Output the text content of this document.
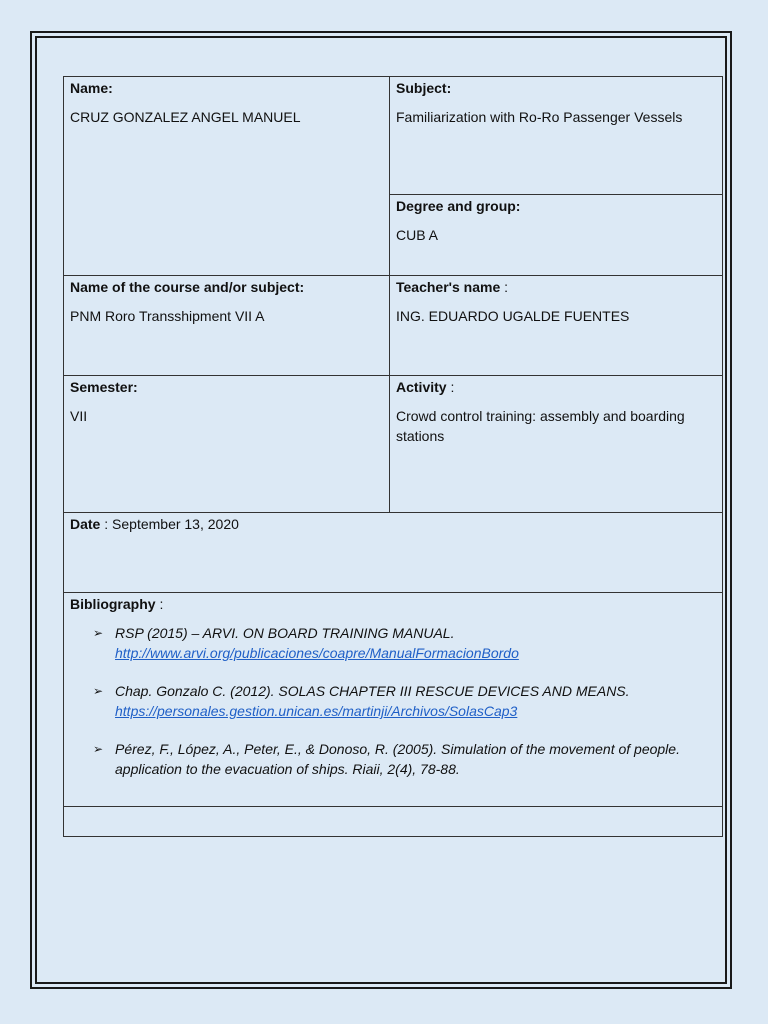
Name:
CRUZ GONZALEZ ANGEL MANUEL
Subject:
Familiarization with Ro-Ro Passenger Vessels
Degree and group:
CUB A
Name of the course and/or subject:
PNM Roro Transshipment VII A
Teacher's name :
ING. EDUARDO UGALDE FUENTES
Semester:
VII
Activity :
Crowd control training: assembly and boarding stations
Date : September 13, 2020
Bibliography :
➢ RSP (2015) – ARVI. ON BOARD TRAINING MANUAL.
http://www.arvi.org/publicaciones/coapre/ManualFormacionBordo
➢ Chap. Gonzalo C. (2012). SOLAS CHAPTER III RESCUE DEVICES AND MEANS.
https://personales.gestion.unican.es/martinji/Archivos/SolasCap3
➢ Pérez, F., López, A., Peter, E., & Donoso, R. (2005). Simulation of the movement of people. application to the evacuation of ships. Riaii, 2(4), 78-88.
